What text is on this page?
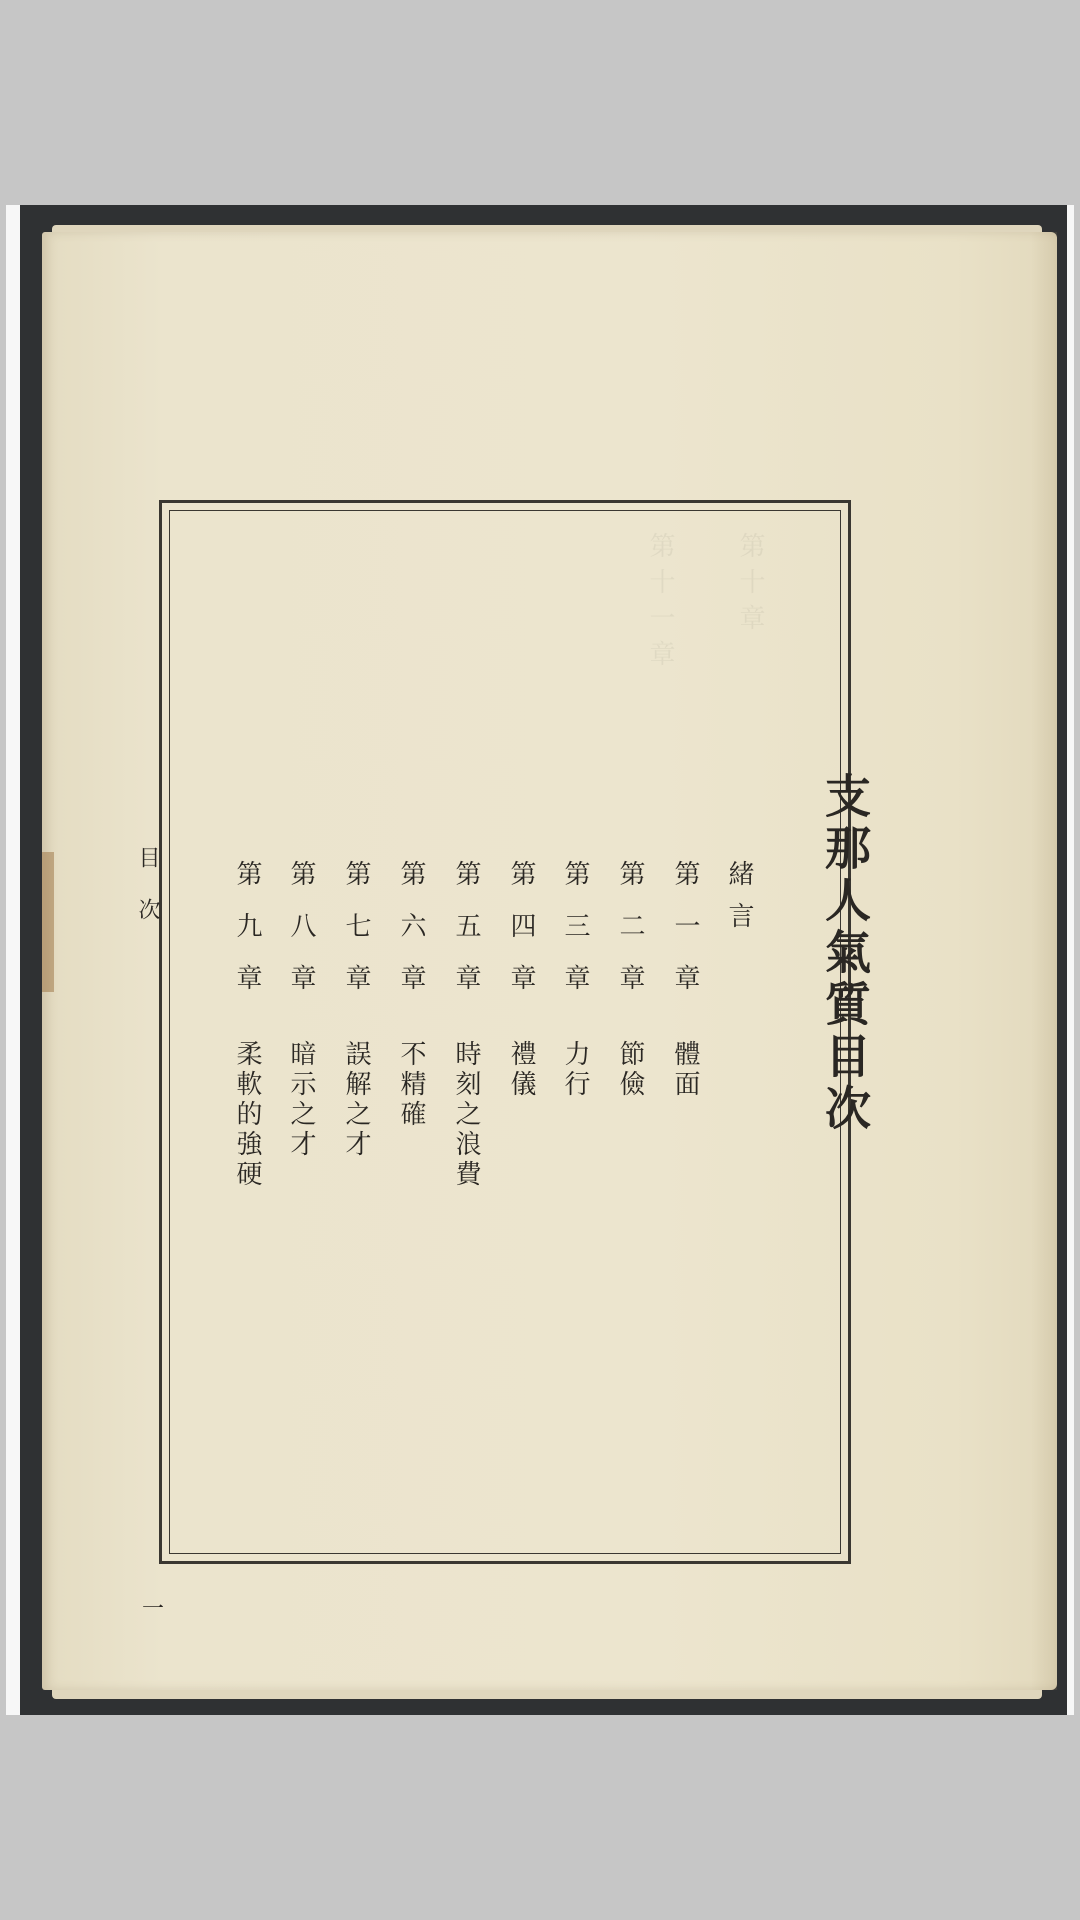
第十章
第十一章
支那人氣質目次
緒言
第一章體面
第二章節儉
第三章力行
第四章禮儀
第五章時刻之浪費
第六章不精確
第七章誤解之才
第八章暗示之才
第九章柔軟的強硬
目次
一
